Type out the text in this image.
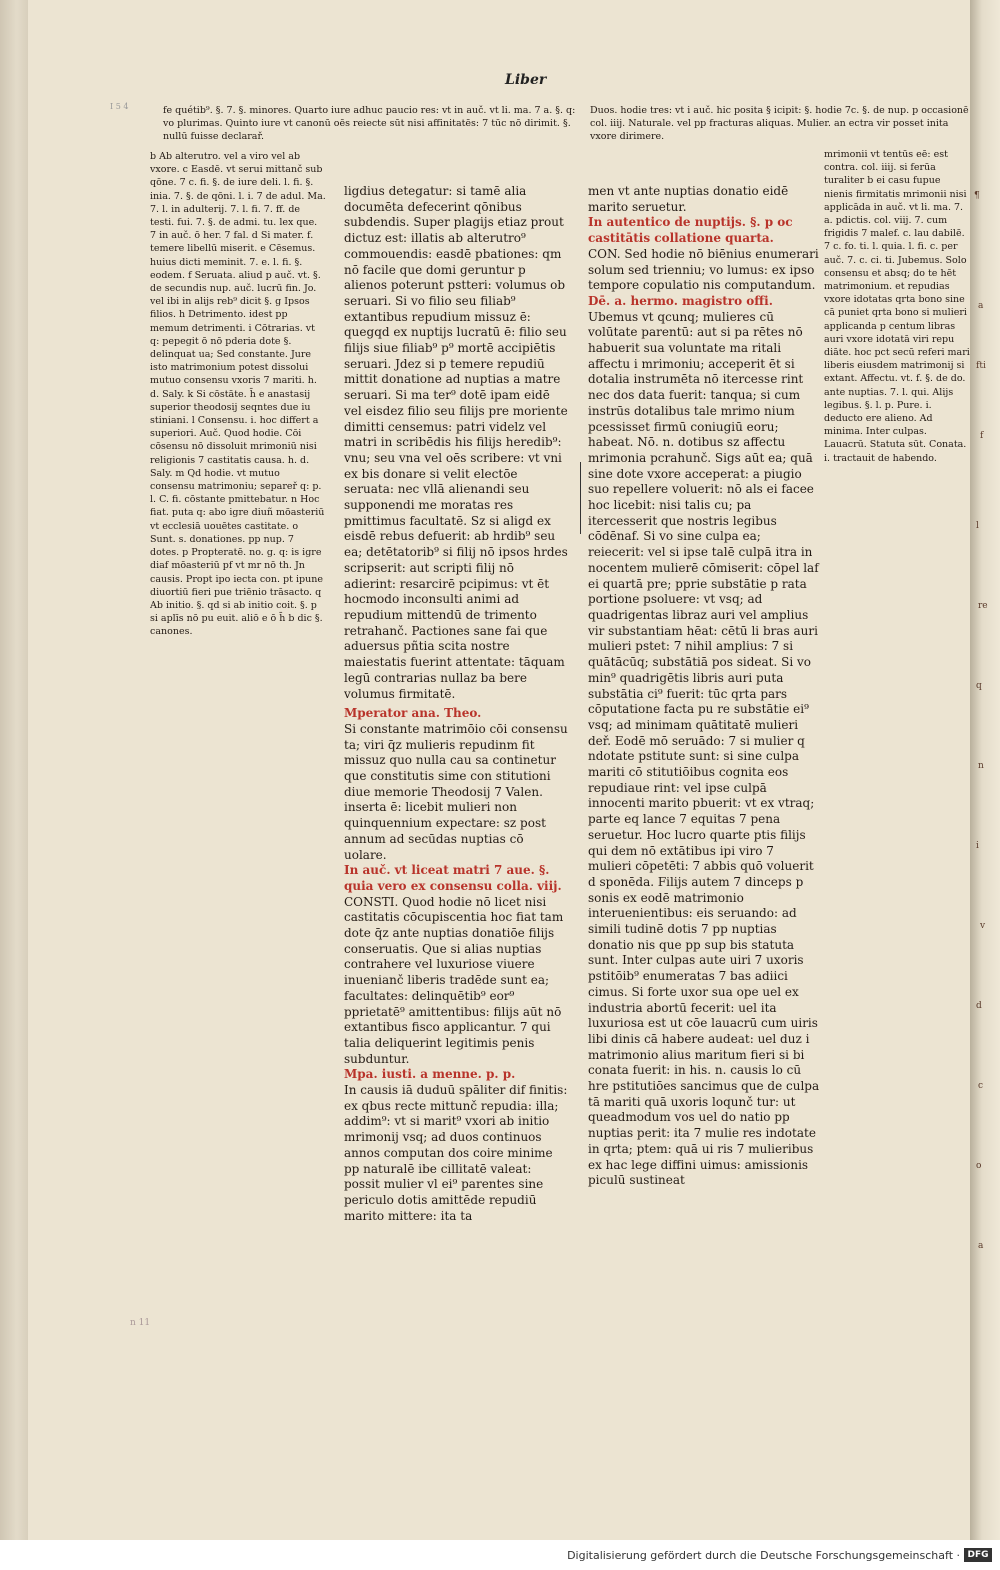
¶
a
fti
f
l
re
q
n
i
v
d
c
o
a
Liber
I 5 4	fe quétib⁹. §. 7. §. minores. Quarto iure adhuc paucio res: vt in auč. vt li. ma. 7 a. §. q: vo plurimas. Quinto iure vt canonū oēs reiecte sūt nisi affinitatēs: 7 tūc nō dirimit. §. nullū fuisse declarař.

Duos. hodie tres: vt i auč. hic posita § icipit: §. hodie 7c. §. de nup. p occasionē col. iiij. Naturale. vel pp fracturas aliquas. Mulier. an ectra vir posset inita vxore dirimere.

b Ab alterutro. vel a viro vel ab vxore. c Easdē. vt serui mittanč sub qōne. 7 c. fi. §. de iure deli. l. fi. §. inia. 7. §. de qōni. l. i. 7 de adul. Ma. 7. l. in adulterij. 7. l. fi. 7. ff. de testi. fui. 7. §. de admi. tu. lex que. 7 in auč. ō her. 7 fal. d Si mater. f. temere libellū miserit. e Cēsemus. huius dicti meminit. 7. e. l. fi. §. eodem. f Seruata. aliud p auč. vt. §. de secundis nup. auč. lucrū fin. Jo. vel ibi in alijs reb⁹ dicit §. g Ipsos filios. h Detrimento. idest pp memum detrimenti. i Cōtrarias. vt q: pepegit ō nō pderia dote §. delinquat ua; Sed constante. Jure isto matrimonium potest dissolui mutuo consensu vxoris 7 mariti. h. d. Saly. k Si cōstāte. h̄ e anastasij superior theodosij seqntes due iu stiniani. l Consensu. i. hoc differt a superiori. Auč. Quod hodie. Cōi cōsensu nō dissoluit mrimoniū nisi religionis 7 castitatis causa. h. d. Saly. m Qd hodie. vt mutuo consensu matrimoniu; separeř q: p. l. C. fi. cōstante pmittebatur. n Hoc fiat. puta q: abo igre diuñ mōasteriū vt ecclesiā uouētes castitate. o Sunt. s. donationes. pp nup. 7 dotes. p Propteratē. no. g. q: is igre diaf mōasteriū pf vt mr nō th. Jn causis. Propt ipo iecta con. pt ipune diuortiū fieri pue triēnio trāsacto. q Ab initio. §. qd si ab initio coit. §. p si aplīs nō pu euit. aliō e ō h̄ b dic §. canones.

ligdius detegatur: si tamē alia documēta defecerint qōnibus subdendis. Super plagijs etiaz prout dictuz est: illatis ab alterutro⁹ commouendis: easdē pbationes: qm nō facile que domi geruntur p alienos poterunt pstteri: volumus ob seruari. Si vo filio seu filiab⁹ extantibus repudium missuz ē: quegqd ex nuptijs lucratū ē: filio seu filijs siue filiab⁹ p⁹ mortē accipiētis seruari. Jdez si p temere repudiū mittit donatione ad nuptias a matre seruari. Si ma ter⁹ dotē ipam eidē vel eisdez filio seu filijs pre moriente dimitti censemus: patri videlz vel matri in scribēdis his filijs heredib⁹: vnu; seu vna vel oēs scribere: vt vni ex bis donare si velit electōe seruata: nec vllā alienandi seu supponendi me moratas res pmittimus facultatē. Sz si aligd ex eisdē rebus defuerit: ab hrdib⁹ seu ea; detētatorib⁹ si filij nō ipsos hrdes scripserit: aut scripti filij nō adierint: resarcirē pcipimus: vt ēt hocmodo inconsulti animi ad repudium mittendū de trimento retrahanč. Pactiones sane fai que aduersus pñtia scita nostre maiestatis fuerint attentate: tāquam legū contrarias nullaz ba bere volumus firmitatē.

Mperator ana. Theo.

Si constante matrimōio cōi consensu ta; viri q̄z mulieris repudinm fit missuz quo nulla cau sa continetur que constitutis sime con stitutioni diue memorie Theodosij 7 Valen. inserta ē: licebit mulieri non quinquennium expectare: sz post annum ad secūdas nuptias cō uolare.

In auč. vt liceat matri 7 aue. §. quia vero ex consensu colla. viij.

CONSTI. Quod hodie nō licet nisi castitatis cōcupiscentia hoc fiat tam dote q̄z ante nuptias donatiōe filijs conseruatis. Que si alias nuptias contrahere vel luxuriose viuere inuenianč liberis tradēde sunt ea; facultates: delinquētib⁹ eor⁹ pprietatē⁹ amittentibus: filijs aūt nō extantibus fisco applicantur. 7 qui talia deliquerint legitimis penis subduntur.

Mpa. iusti. a menne. p. p.

In causis iā duduū spāliter dif finitis: ex qbus recte mittunč repudia: illa; addim⁹: vt si marit⁹ vxori ab initio mrimonij vsq; ad duos continuos annos computan dos coire minime pp naturalē ibe cillitatē valeat: possit mulier vl ei⁹ parentes sine periculo dotis amittēde repudiū marito mittere: ita ta

men vt ante nuptias donatio eidē marito seruetur.

In autentico de nuptijs. §. p oc castitātis collatione quarta.

CON. Sed hodie nō biēnius enumerari solum sed trienniu; vo lumus: ex ipso tempore copulatio nis computandum.

Dē. a. hermo. magistro offi.

Ubemus vt qcunq; mulieres cū volūtate parentū: aut si pa rētes nō habuerit sua voluntate ma ritali affectu i mrimoniu; acceperit ēt si dotalia instrumēta nō itercesse rint nec dos data fuerit: tanqua; si cum instrūs dotalibus tale mrimo nium pcessisset firmū coniugiū eoru; habeat. Nō. n. dotibus sz affectu mrimonia pcrahunč. Sigs aūt ea; quā sine dote vxore acceperat: a piugio suo repellere voluerit: nō als ei facee hoc licebit: nisi talis cu; pa itercesserit que nostris legibus cōdēnaf. Si vo sine culpa ea; reiecerit: vel si ipse talē culpā itra in nocentem mulierē cōmiserit: cōpel laf ei quartā pre; pprie substātie p rata portione psoluere: vt vsq; ad quadrigentas libraz auri vel amplius vir substantiam hēat: cētū li bras auri mulieri pstet: 7 nihil amplius: 7 si quātācūq; substātiā pos sideat. Si vo min⁹ quadrigētis libris auri puta substātia ci⁹ fuerit: tūc qrta pars cōputatione facta pu re substātie ei⁹ vsq; ad minimam quātitatē mulieri deř. Eodē mō seruādo: 7 si mulier q ndotate pstitute sunt: si sine culpa mariti cō stitutiōibus cognita eos repudiaue rint: vel ipse culpā innocenti marito pbuerit: vt ex vtraq; parte eq lance 7 equitas 7 pena seruetur. Hoc lucro quarte ptis filijs qui dem nō extātibus ipi viro 7 mulieri cōpetēti: 7 abbis quō voluerit d sponēda. Filijs autem 7 dinceps p sonis ex eodē matrimonio interuenientibus: eis seruando: ad simili tudinē dotis 7 pp nuptias donatio nis que pp sup bis statuta sunt. Inter culpas aute uiri 7 uxoris pstitōib⁹ enumeratas 7 bas adiici cimus. Si forte uxor sua ope uel ex industria abortū fecerit: uel ita luxuriosa est ut cōe lauacrū cum uiris libi dinis cā habere audeat: uel duz i matrimonio alius maritum fieri si bi conata fuerit: in his. n. causis lo cū hre pstitutiōes sancimus que de culpa tā mariti quā uxoris loqunč tur: ut queadmodum vos uel do natio pp nuptias perit: ita 7 mulie res indotate in qrta; ptem: quā ui ris 7 mulieribus ex hac lege diffini uimus: amissionis piculū sustineat

mrimonii vt tentūs eē: est contra. col. iiij. si ferūa turaliter b ei casu fupue nienis firmitatis mrimonii nisi applicāda in auč. vt li. ma. 7. a. pdictis. col. viij. 7. cum frigidis 7 malef. c. lau dabilē. 7 c. fo. ti. l. quia. l. fi. c. per auč. 7. c. ci. ti. Jubemus. Solo consensu et absq; do te hēt matrimonium. et repudias vxore idotatas qrta bono sine cā puniet qrta bono si mulieri applicanda p centum libras auri vxore idotatā viri repu diāte. hoc pct secū referi mari liberis eiusdem matrimonij si extant. Affectu. vt. f. §. de do. ante nuptias. 7. l. qui. Alijs legibus. §. l. p. Pure. i. deducto ere alieno. Ad minima. Inter culpas. Lauacrū. Statuta sūt. Conata. i. tractauit de habendo.

n 11
Digitalisierung gefördert durch die Deutsche Forschungsgemeinschaft · DFG
